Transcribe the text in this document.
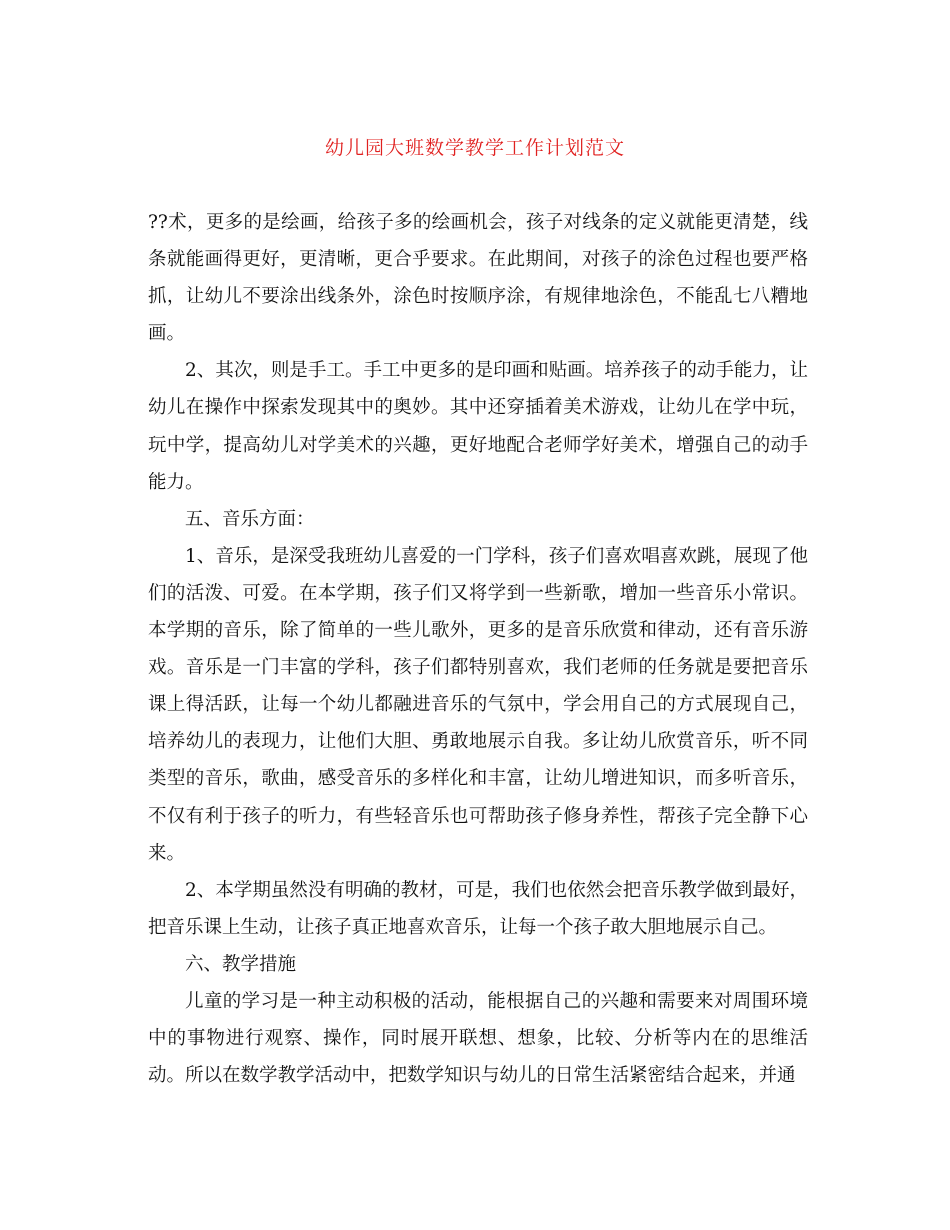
幼儿园大班数学教学工作计划范文

??术，更多的是绘画，给孩子多的绘画机会，孩子对线条的定义就能更清楚，线条就能画得更好，更清晰，更合乎要求。在此期间，对孩子的涂色过程也要严格抓，让幼儿不要涂出线条外，涂色时按顺序涂，有规律地涂色，不能乱七八糟地画。

2、其次，则是手工。手工中更多的是印画和贴画。培养孩子的动手能力，让幼儿在操作中探索发现其中的奥妙。其中还穿插着美术游戏，让幼儿在学中玩，玩中学，提高幼儿对学美术的兴趣，更好地配合老师学好美术，增强自己的动手能力。

五、音乐方面：

1、音乐，是深受我班幼儿喜爱的一门学科，孩子们喜欢唱喜欢跳，展现了他们的活泼、可爱。在本学期，孩子们又将学到一些新歌，增加一些音乐小常识。本学期的音乐，除了简单的一些儿歌外，更多的是音乐欣赏和律动，还有音乐游戏。音乐是一门丰富的学科，孩子们都特别喜欢，我们老师的任务就是要把音乐课上得活跃，让每一个幼儿都融进音乐的气氛中，学会用自己的方式展现自己，培养幼儿的表现力，让他们大胆、勇敢地展示自我。多让幼儿欣赏音乐，听不同类型的音乐，歌曲，感受音乐的多样化和丰富，让幼儿增进知识，而多听音乐，不仅有利于孩子的听力，有些轻音乐也可帮助孩子修身养性，帮孩子完全静下心来。

2、本学期虽然没有明确的教材，可是，我们也依然会把音乐教学做到最好，把音乐课上生动，让孩子真正地喜欢音乐，让每一个孩子敢大胆地展示自己。

六、教学措施

儿童的学习是一种主动积极的活动，能根据自己的兴趣和需要来对周围环境中的事物进行观察、操作，同时展开联想、想象，比较、分析等内在的思维活动。所以在数学教学活动中，把数学知识与幼儿的日常生活紧密结合起来，并通
